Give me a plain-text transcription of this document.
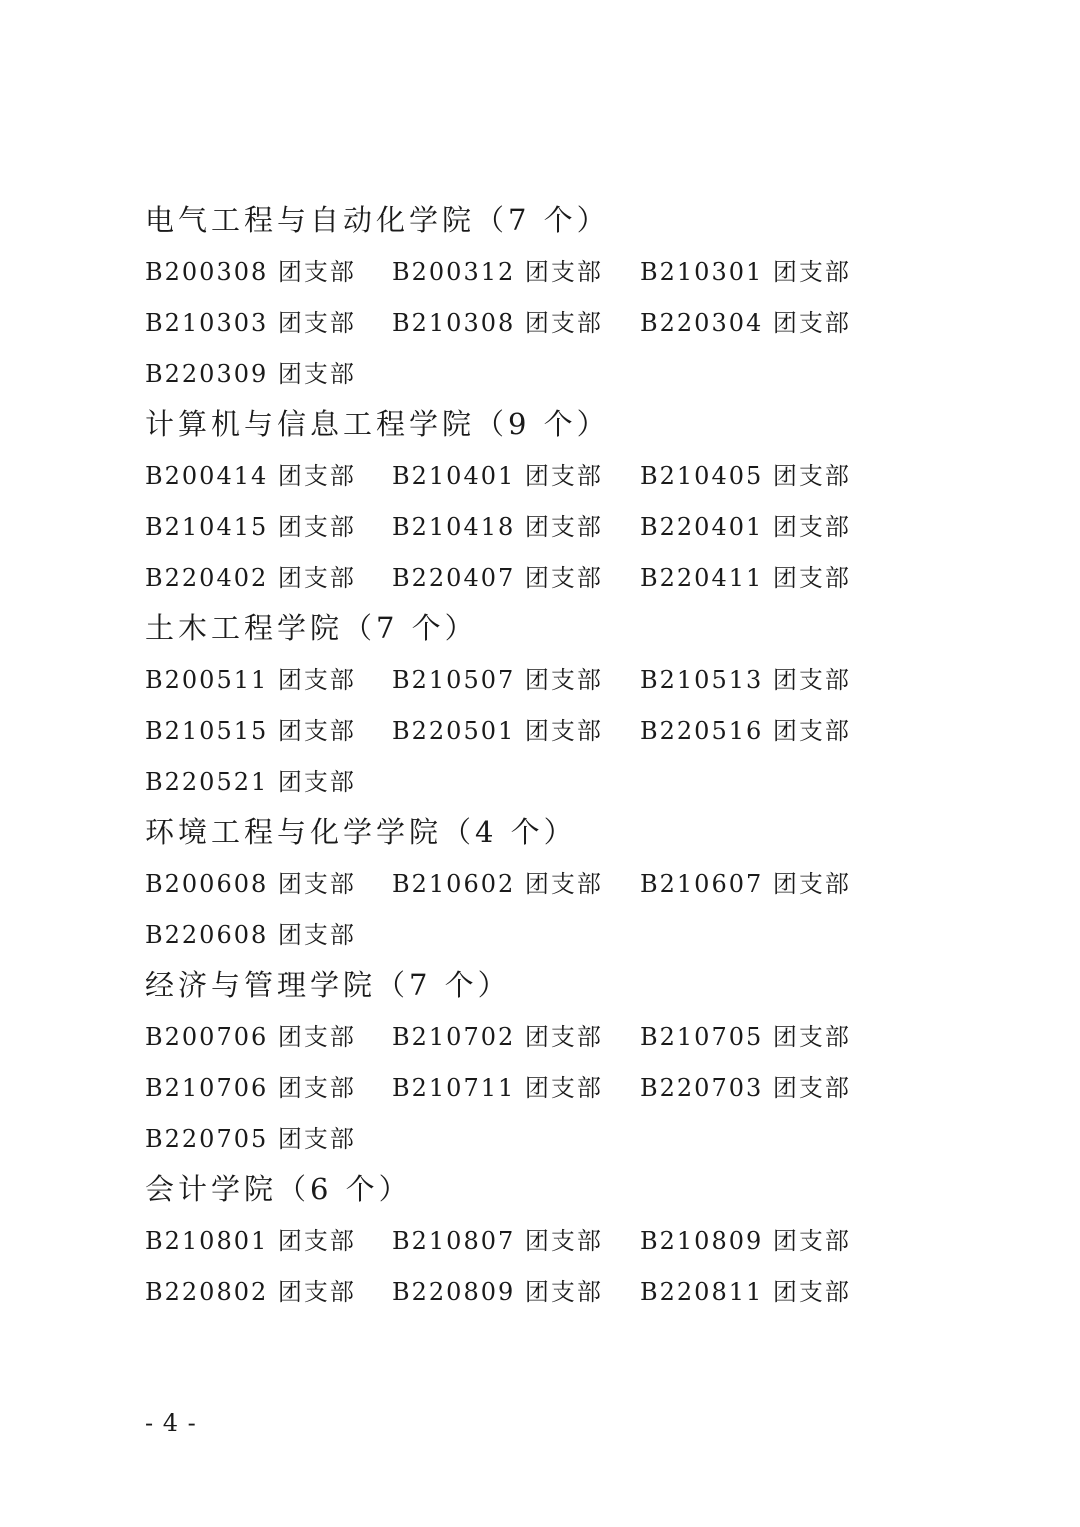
电气工程与自动化学院（7 个）
B200308 团支部 B200312 团支部 B210301 团支部
B210303 团支部 B210308 团支部 B220304 团支部
B220309 团支部
计算机与信息工程学院（9 个）
B200414 团支部 B210401 团支部 B210405 团支部
B210415 团支部 B210418 团支部 B220401 团支部
B220402 团支部 B220407 团支部 B220411 团支部
土木工程学院（7 个）
B200511 团支部 B210507 团支部 B210513 团支部
B210515 团支部 B220501 团支部 B220516 团支部
B220521 团支部
环境工程与化学学院（4 个）
B200608 团支部 B210602 团支部 B210607 团支部
B220608 团支部
经济与管理学院（7 个）
B200706 团支部 B210702 团支部 B210705 团支部
B210706 团支部 B210711 团支部 B220703 团支部
B220705 团支部
会计学院（6 个）
B210801 团支部 B210807 团支部 B210809 团支部
B220802 团支部 B220809 团支部 B220811 团支部
- 4 -
